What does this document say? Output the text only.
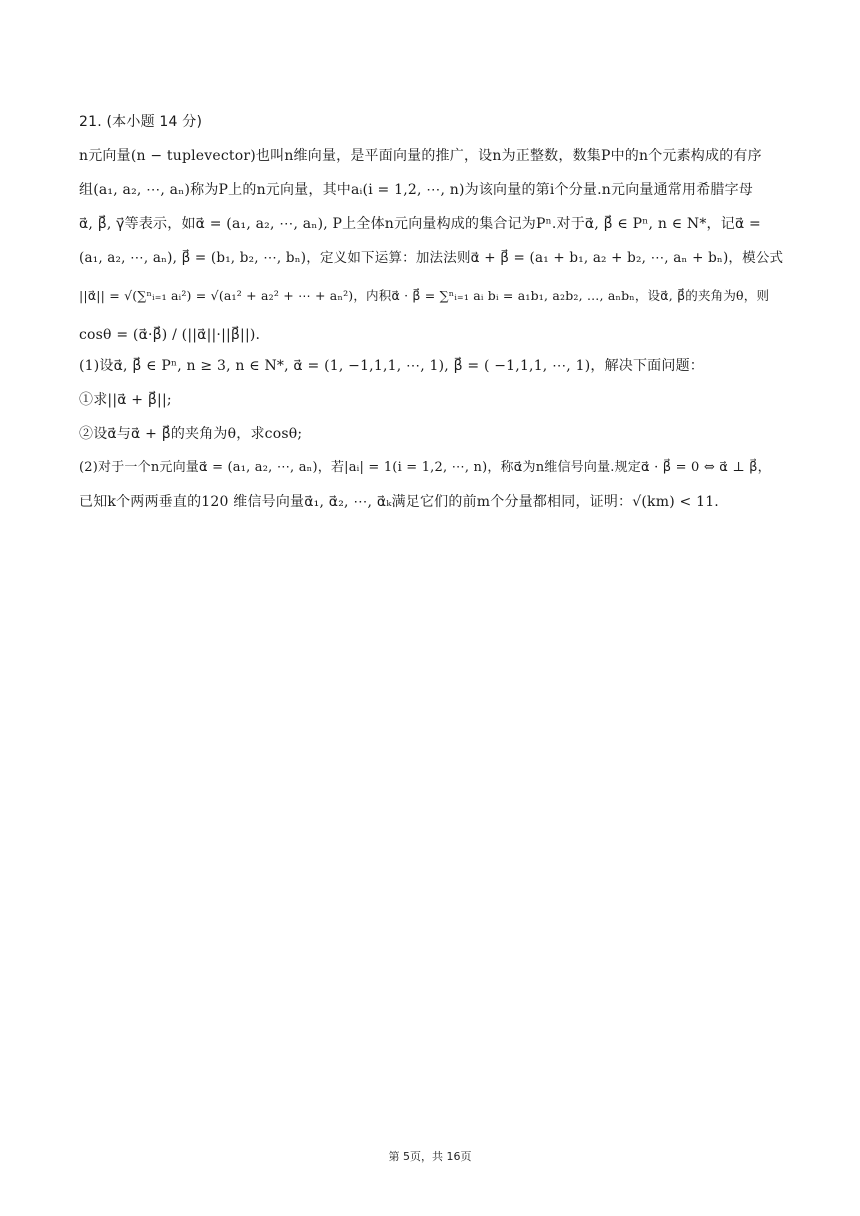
21. (本小题 14 分)
n元向量(n − tuplevector)也叫n维向量，是平面向量的推广，设n为正整数，数集P中的n个元素构成的有序
组(a₁, a₂, ⋯, aₙ)称为P上的n元向量，其中aᵢ(i = 1,2, ⋯, n)为该向量的第i个分量.n元向量通常用希腊字母
α⃗, β⃗, γ⃗等表示，如α⃗ = (a₁, a₂, ⋯, aₙ), P上全体n元向量构成的集合记为Pⁿ.对于α⃗, β⃗ ∈ Pⁿ, n ∈ N*，记α⃗ =
(a₁, a₂, ⋯, aₙ), β⃗ = (b₁, b₂, ⋯, bₙ)，定义如下运算：加法法则α⃗ + β⃗ = (a₁ + b₁, a₂ + b₂, ⋯, aₙ + bₙ)，模公式
||α⃗|| = √(∑ⁿᵢ₌₁ aᵢ²) = √(a₁² + a₂² + ⋯ + aₙ²)，内积α⃗ · β⃗ = ∑ⁿᵢ₌₁ aᵢ bᵢ = a₁b₁, a₂b₂, ..., aₙbₙ，设α⃗, β⃗的夹角为θ，则
cosθ = (α⃗·β⃗) / (||α⃗||·||β⃗||).
(1)设α⃗, β⃗ ∈ Pⁿ, n ≥ 3, n ∈ N*, α⃗ = (1, −1,1,1, ⋯, 1), β⃗ = ( −1,1,1, ⋯, 1)，解决下面问题：
①求||α⃗ + β⃗||;
②设α⃗与α⃗ + β⃗的夹角为θ，求cosθ;
(2)对于一个n元向量α⃗ = (a₁, a₂, ⋯, aₙ)，若|aᵢ| = 1(i = 1,2, ⋯, n)，称α⃗为n维信号向量.规定α⃗ · β⃗ = 0 ⇔ α⃗ ⊥ β⃗，
已知k个两两垂直的120 维信号向量α⃗₁, α⃗₂, ⋯, α⃗ₖ满足它们的前m个分量都相同，证明：√(km) < 11.
第 5页，共 16页
